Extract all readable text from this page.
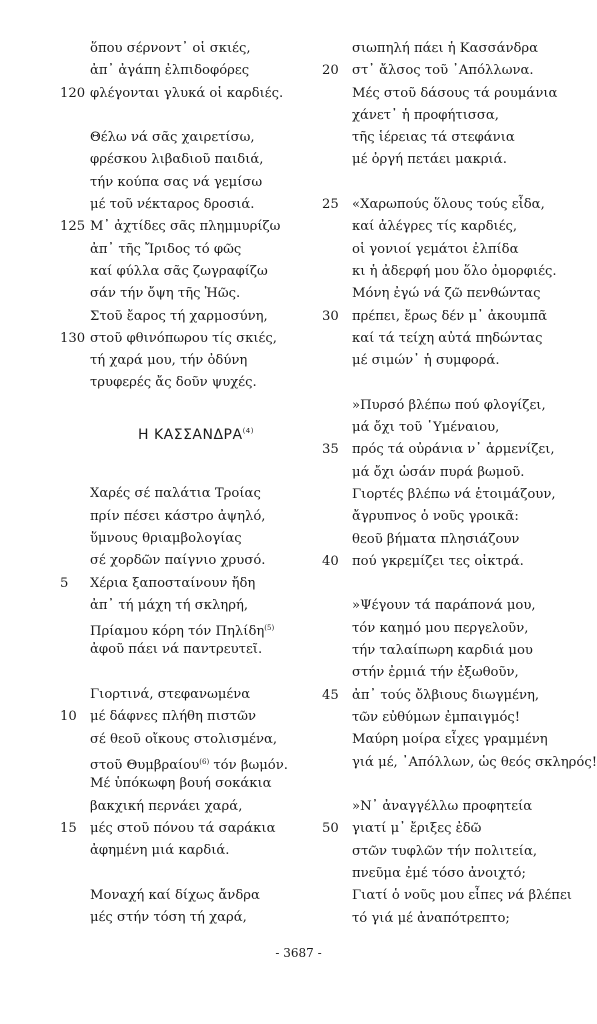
ὅπου σέρνοντ᾽ οἱ σκιές,
ἀπ᾽ ἀγάπη ἐλπιδοφόρες
120 φλέγονται γλυκά οἱ καρδιές.
Θέλω νά σᾶς χαιρετίσω,
φρέσκου λιβαδιοῦ παιδιά,
τήν κούπα σας νά γεμίσω
μέ τοῦ νέκταρος δροσιά.
125 Μ᾽ ἀχτίδες σᾶς πλημμυρίζω
ἀπ᾽ τῆς Ἴριδος τό φῶς
καί φύλλα σᾶς ζωγραφίζω
σάν τήν ὄψη τῆς Ἠῶς.
Στοῦ ἔαρος τή χαρμοσύνη,
130 στοῦ φθινόπωρου τίς σκιές,
τή χαρά μου, τήν ὀδύνη
τρυφερές ἄς δοῦν ψυχές.
Η ΚΑΣΣΑΝΔΡΑ$^{(4)}$
Χαρές σέ παλάτια Τροίας
πρίν πέσει κάστρο ἀψηλό,
ὕμνους θριαμβολογίας
σέ χορδῶν παίγνιο χρυσό.
5	Χέρια ξαποσταίνουν ἤδη
ἀπ᾽ τή μάχη τή σκληρή,
Πρίαμου κόρη τόν Πηλίδη$^{(5)}$
ἀφοῦ πάει νά παντρευτεῖ.
Γιορτινά, στεφανωμένα
10	μέ δάφνες πλήθη πιστῶν
σέ θεοῦ οἴκους στολισμένα,
στοῦ Θυμβραίου$^{(6)}$ τόν βωμόν.
Μέ ὑπόκωφη βουή σοκάκια
βακχική περνάει χαρά,
15	μές στοῦ πόνου τά σαράκια
ἀφημένη μιά καρδιά.
Μοναχή καί δίχως ἄνδρα
μές στήν τόση τή χαρά,
σιωπηλή πάει ἡ Κασσάνδρα
20	στ᾽ ἄλσος τοῦ ᾽Απόλλωνα.
Μές στοῦ δάσους τά ρουμάνια
χάνετ᾽ ἡ προφήτισσα,
τῆς ἱέρειας τά στεφάνια
μέ ὀργή πετάει μακριά.
25	«Χαρωπούς ὅλους τούς εἶδα,
καί ἀλέγρες τίς καρδιές,
οἱ γονιοί γεμάτοι ἐλπίδα
κι ἡ ἀδερφή μου ὅλο ὀμορφιές.
Μόνη ἐγώ νά ζῶ πενθώντας
30	πρέπει, ἔρως δέν μ᾽ ἀκουμπᾶ
καί τά τείχη αὐτά πηδώντας
μέ σιμών᾽ ἡ συμφορά.
»Πυρσό βλέπω πού φλογίζει,
μά ὄχι τοῦ ῾Υμέναιου,
35	πρός τά οὐράνια ν᾽ ἁρμενίζει,
μά ὄχι ὡσάν πυρά βωμοῦ.
Γιορτές βλέπω νά ἑτοιμάζουν,
ἄγρυπνος ὁ νοῦς γροικᾶ:
θεοῦ βήματα πλησιάζουν
40	πού γκρεμίζει τες οἰκτρά.
»Ψέγουν τά παράπονά μου,
τόν καημό μου περγελοῦν,
τήν ταλαίπωρη καρδιά μου
στήν ἐρμιά τήν ἐξωθοῦν,
45	ἀπ᾽ τούς ὄλβιους διωγμένη,
τῶν εὐθύμων ἐμπαιγμός!
Μαύρη μοίρα εἶχες γραμμένη
γιά μέ, ᾽Απόλλων, ὡς θεός σκληρός!
»Ν᾽ ἀναγγέλλω προφητεία
50	γιατί μ᾽ ἔριξες ἐδῶ
στῶν τυφλῶν τήν πολιτεία,
πνεῦμα ἐμέ τόσο ἀνοιχτό;
Γιατί ὁ νοῦς μου εἶπες νά βλέπει
τό γιά μέ ἀναπότρεπτο;
- 3687 -
